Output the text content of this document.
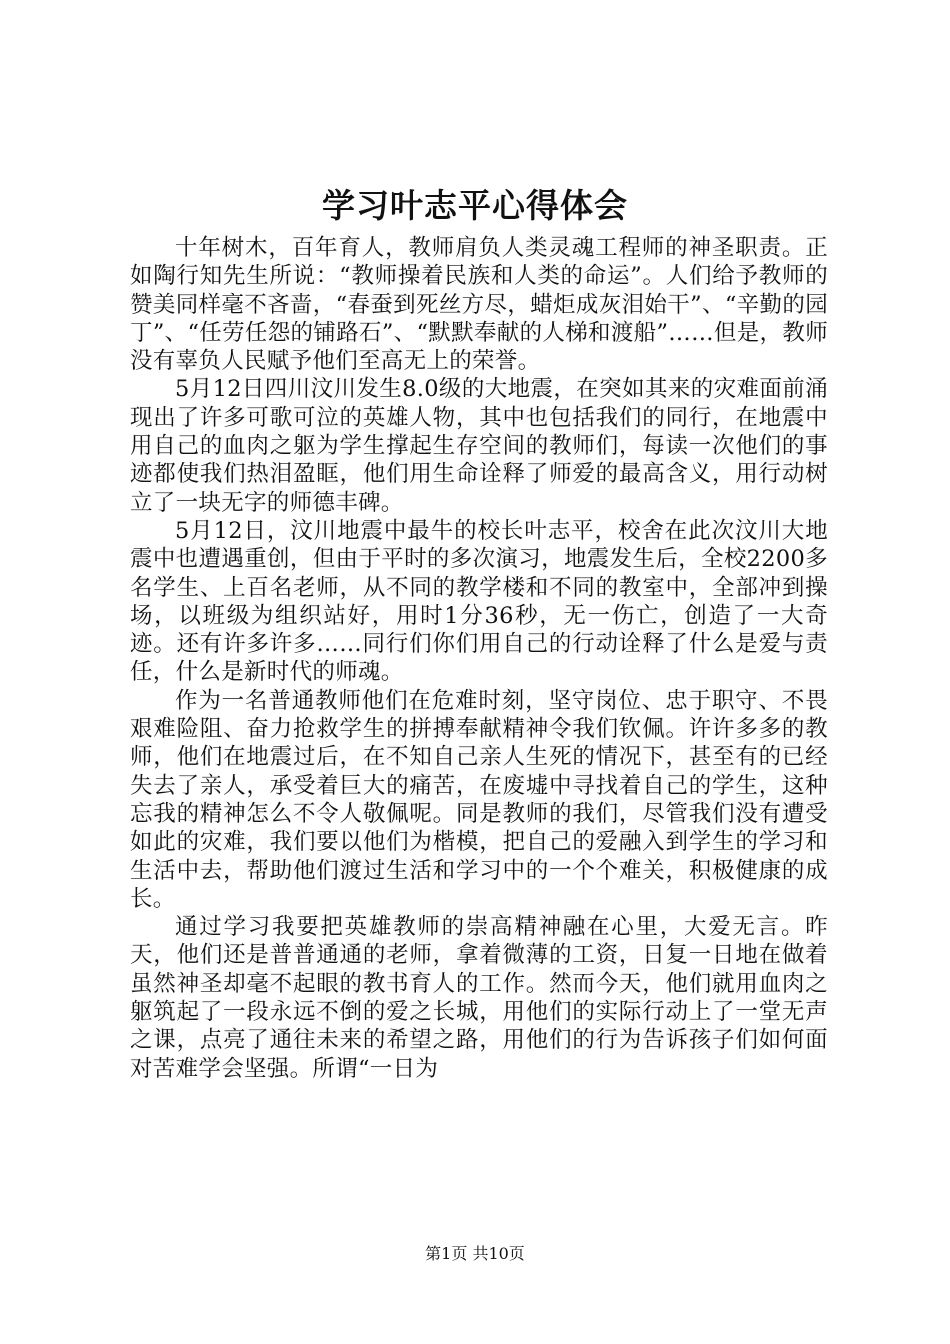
学习叶志平心得体会

十年树木，百年育人，教师肩负人类灵魂工程师的神圣职责。正如陶行知先生所说：“教师操着民族和人类的命运”。人们给予教师的赞美同样毫不吝啬，“春蚕到死丝方尽，蜡炬成灰泪始干”、“辛勤的园丁”、“任劳任怨的铺路石”、“默默奉献的人梯和渡船”……但是，教师没有辜负人民赋予他们至高无上的荣誉。

5月12日四川汶川发生8.0级的大地震，在突如其来的灾难面前涌现出了许多可歌可泣的英雄人物，其中也包括我们的同行，在地震中用自己的血肉之躯为学生撑起生存空间的教师们，每读一次他们的事迹都使我们热泪盈眶，他们用生命诠释了师爱的最高含义，用行动树立了一块无字的师德丰碑。

5月12日，汶川地震中最牛的校长叶志平，校舍在此次汶川大地震中也遭遇重创，但由于平时的多次演习，地震发生后，全校2200多名学生、上百名老师，从不同的教学楼和不同的教室中，全部冲到操场，以班级为组织站好，用时1分36秒，无一伤亡，创造了一大奇迹。还有许多许多……同行们你们用自己的行动诠释了什么是爱与责任，什么是新时代的师魂。

作为一名普通教师他们在危难时刻，坚守岗位、忠于职守、不畏艰难险阻、奋力抢救学生的拼搏奉献精神令我们钦佩。许许多多的教师，他们在地震过后，在不知自己亲人生死的情况下，甚至有的已经失去了亲人，承受着巨大的痛苦，在废墟中寻找着自己的学生，这种忘我的精神怎么不令人敬佩呢。同是教师的我们，尽管我们没有遭受如此的灾难，我们要以他们为楷模，把自己的爱融入到学生的学习和生活中去，帮助他们渡过生活和学习中的一个个难关，积极健康的成长。

通过学习我要把英雄教师的崇高精神融在心里，大爱无言。昨天，他们还是普普通通的老师，拿着微薄的工资，日复一日地在做着虽然神圣却毫不起眼的教书育人的工作。然而今天，他们就用血肉之躯筑起了一段永远不倒的爱之长城，用他们的实际行动上了一堂无声之课，点亮了通往未来的希望之路，用他们的行为告诉孩子们如何面对苦难学会坚强。所谓“一日为

第1页 共10页
